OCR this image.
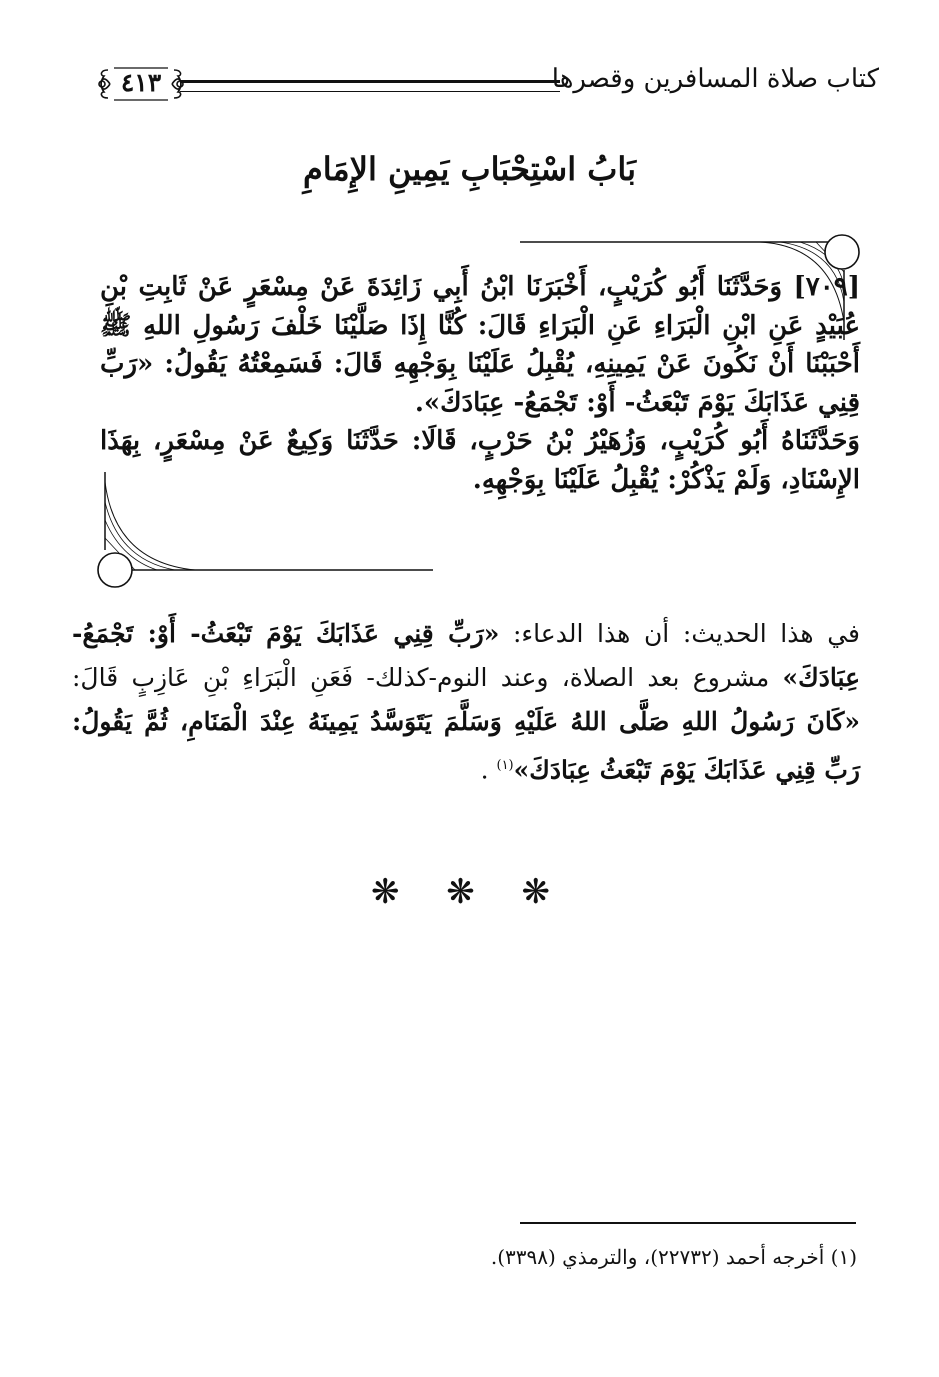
كتاب صلاة المسافرين وقصرها
٤١٣
بَابُ اسْتِحْبَابِ يَمِينِ الإِمَامِ

[٧٠٩] وَحَدَّثَنَا أَبُو كُرَيْبٍ، أَخْبَرَنَا ابْنُ أَبِي زَائِدَةَ عَنْ مِسْعَرٍ عَنْ ثَابِتِ بْنِ عُبَيْدٍ عَنِ ابْنِ الْبَرَاءِ عَنِ الْبَرَاءِ قَالَ: كُنَّا إِذَا صَلَّيْنَا خَلْفَ رَسُولِ اللهِ ﷺ أَحْبَبْنَا أَنْ نَكُونَ عَنْ يَمِينِهِ، يُقْبِلُ عَلَيْنَا بِوَجْهِهِ قَالَ: فَسَمِعْتُهُ يَقُولُ: «رَبِّ قِنِي عَذَابَكَ يَوْمَ تَبْعَثُ- أَوْ: تَجْمَعُ- عِبَادَكَ».

وَحَدَّثَنَاهُ أَبُو كُرَيْبٍ، وَزُهَيْرُ بْنُ حَرْبٍ، قَالَا: حَدَّثَنَا وَكِيعٌ عَنْ مِسْعَرٍ، بِهَذَا الإِسْنَادِ، وَلَمْ يَذْكُرْ: يُقْبِلُ عَلَيْنَا بِوَجْهِهِ.

في هذا الحديث: أن هذا الدعاء: «رَبِّ قِنِي عَذَابَكَ يَوْمَ تَبْعَثُ- أَوْ: تَجْمَعُ- عِبَادَكَ» مشروع بعد الصلاة، وعند النوم-كذلك- فَعَنِ الْبَرَاءِ بْنِ عَازِبٍ قَالَ: «كَانَ رَسُولُ اللهِ صَلَّى اللهُ عَلَيْهِ وَسَلَّمَ يَتَوَسَّدُ يَمِينَهُ عِنْدَ الْمَنَامِ، ثُمَّ يَقُولُ: رَبِّ قِنِي عَذَابَكَ يَوْمَ تَبْعَثُ عِبَادَكَ»$^{(١)}$ .
❋ ❋ ❋
(١) أخرجه أحمد (٢٢٧٣٢)، والترمذي (٣٣٩٨).
